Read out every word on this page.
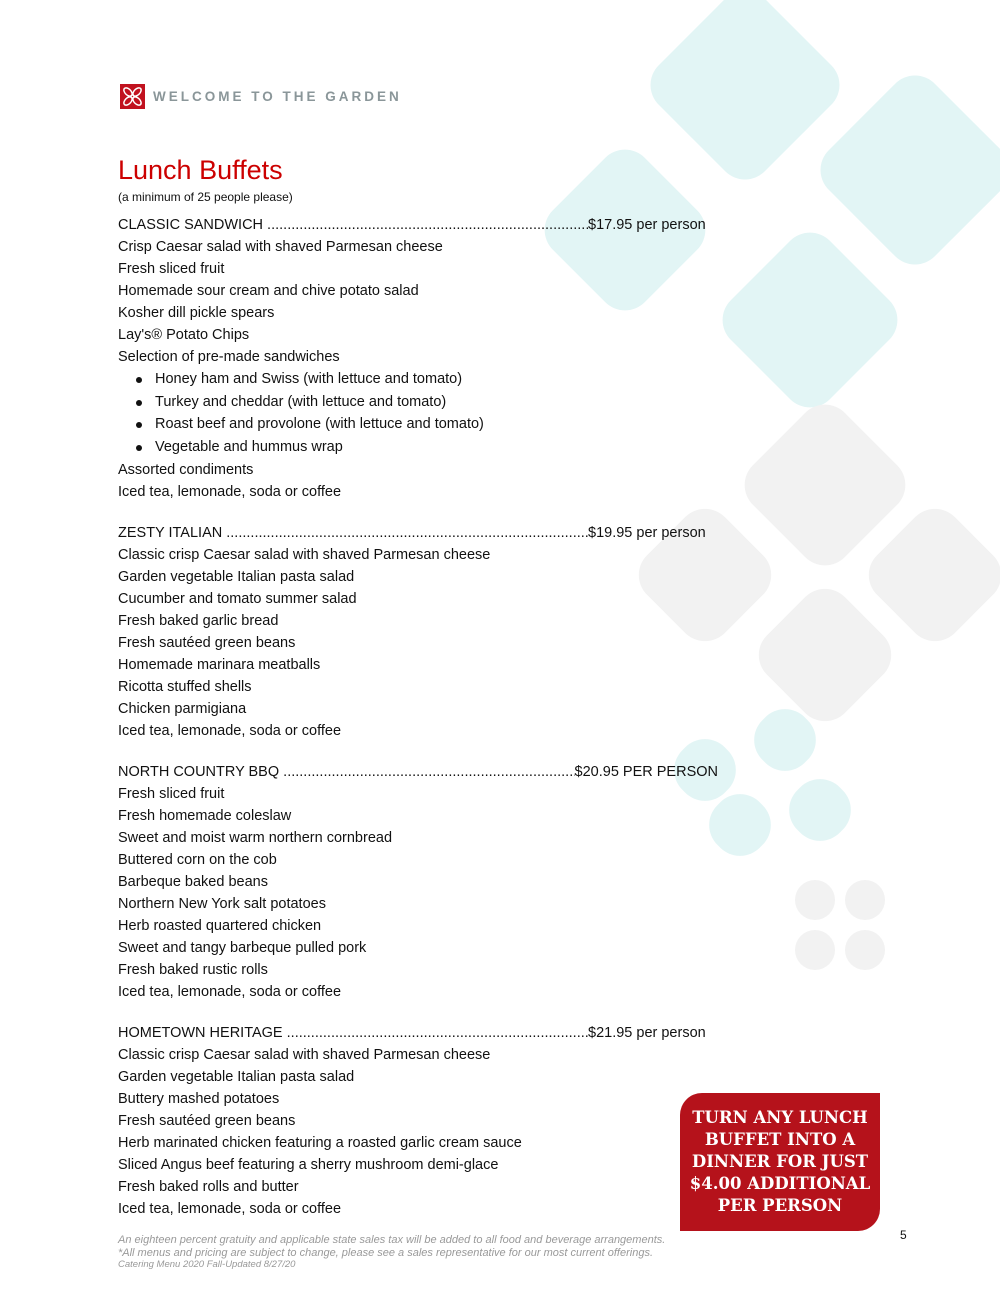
WELCOME TO THE GARDEN
Lunch Buffets
(a minimum of 25 people please)
CLASSIC SANDWICH .....	$17.95 per person
Crisp Caesar salad with shaved Parmesan cheese
Fresh sliced fruit
Homemade sour cream and chive potato salad
Kosher dill pickle spears
Lay's® Potato Chips
Selection of pre-made sandwiches
Honey ham and Swiss (with lettuce and tomato)
Turkey and cheddar (with lettuce and tomato)
Roast beef and provolone (with lettuce and tomato)
Vegetable and hummus wrap
Assorted condiments
Iced tea, lemonade, soda or coffee
ZESTY ITALIAN .....	$19.95 per person
Classic crisp Caesar salad with shaved Parmesan cheese
Garden vegetable Italian pasta salad
Cucumber and tomato summer salad
Fresh baked garlic bread
Fresh sautéed green beans
Homemade marinara meatballs
Ricotta stuffed shells
Chicken parmigiana
Iced tea, lemonade, soda or coffee
NORTH COUNTRY BBQ .....	$20.95 PER PERSON
Fresh sliced fruit
Fresh homemade coleslaw
Sweet and moist warm northern cornbread
Buttered corn on the cob
Barbeque baked beans
Northern New York salt potatoes
Herb roasted quartered chicken
Sweet and tangy barbeque pulled pork
Fresh baked rustic rolls
Iced tea, lemonade, soda or coffee
HOMETOWN HERITAGE .....	$21.95 per person
Classic crisp Caesar salad with shaved Parmesan cheese
Garden vegetable Italian pasta salad
Buttery mashed potatoes
Fresh sautéed green beans
Herb marinated chicken featuring a roasted garlic cream sauce
Sliced Angus beef featuring a sherry mushroom demi-glace
Fresh baked rolls and butter
Iced tea, lemonade, soda or coffee
TURN ANY LUNCH
BUFFET INTO A
DINNER FOR JUST
$4.00 ADDITIONAL
PER PERSON
An eighteen percent gratuity and applicable state sales tax will be added to all food and beverage arrangements.
*All menus and pricing are subject to change, please see a sales representative for our most current offerings.
Catering Menu 2020 Fall-Updated 8/27/20
5
